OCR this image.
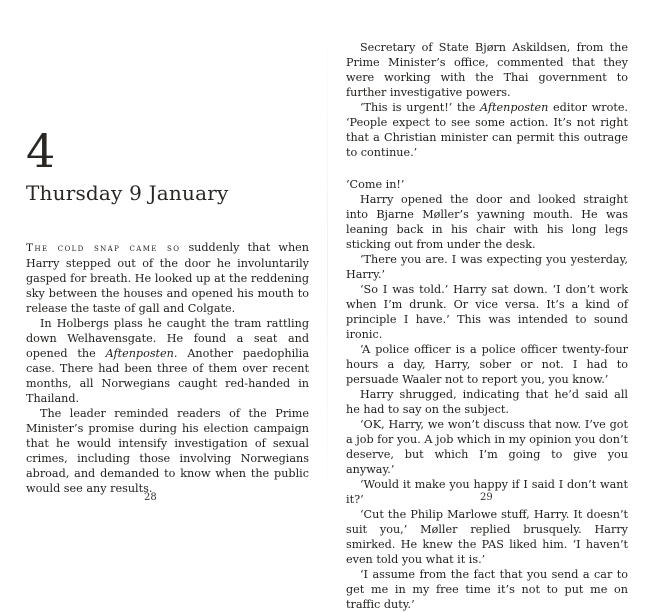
4
Thursday 9 January

The cold snap came so suddenly that when Harry stepped out of the door he involuntarily gasped for breath. He looked up at the reddening sky between the houses and opened his mouth to release the taste of gall and Colgate.

In Holbergs plass he caught the tram rattling down Welhavensgate. He found a seat and opened the Aftenposten. Another paedophilia case. There had been three of them over recent months, all Norwegians caught red-handed in Thailand.

The leader reminded readers of the Prime Minister’s promise during his election campaign that he would intensify investigation of sexual crimes, including those involving Norwegians abroad, and demanded to know when the public would see any results.

28

Secretary of State Bjørn Askildsen, from the Prime Minister’s office, commented that they were working with the Thai government to further investigative powers.

‘This is urgent!’ the Aftenposten editor wrote. ‘People expect to see some action. It’s not right that a Christian minister can permit this outrage to continue.’

‘Come in!’

Harry opened the door and looked straight into Bjarne Møller’s yawning mouth. He was leaning back in his chair with his long legs sticking out from under the desk.

‘There you are. I was expecting you yesterday, Harry.’

‘So I was told.’ Harry sat down. ‘I don’t work when I’m drunk. Or vice versa. It’s a kind of principle I have.’ This was intended to sound ironic.

‘A police officer is a police officer twenty-four hours a day, Harry, sober or not. I had to persuade Waaler not to report you, you know.’

Harry shrugged, indicating that he’d said all he had to say on the subject.

‘OK, Harry, we won’t discuss that now. I’ve got a job for you. A job which in my opinion you don’t deserve, but which I’m going to give you anyway.’

‘Would it make you happy if I said I don’t want it?’

‘Cut the Philip Marlowe stuff, Harry. It doesn’t suit you,’ Møller replied brusquely. Harry smirked. He knew the PAS liked him. ‘I haven’t even told you what it is.’

‘I assume from the fact that you send a car to get me in my free time it’s not to put me on traffic duty.’

29
